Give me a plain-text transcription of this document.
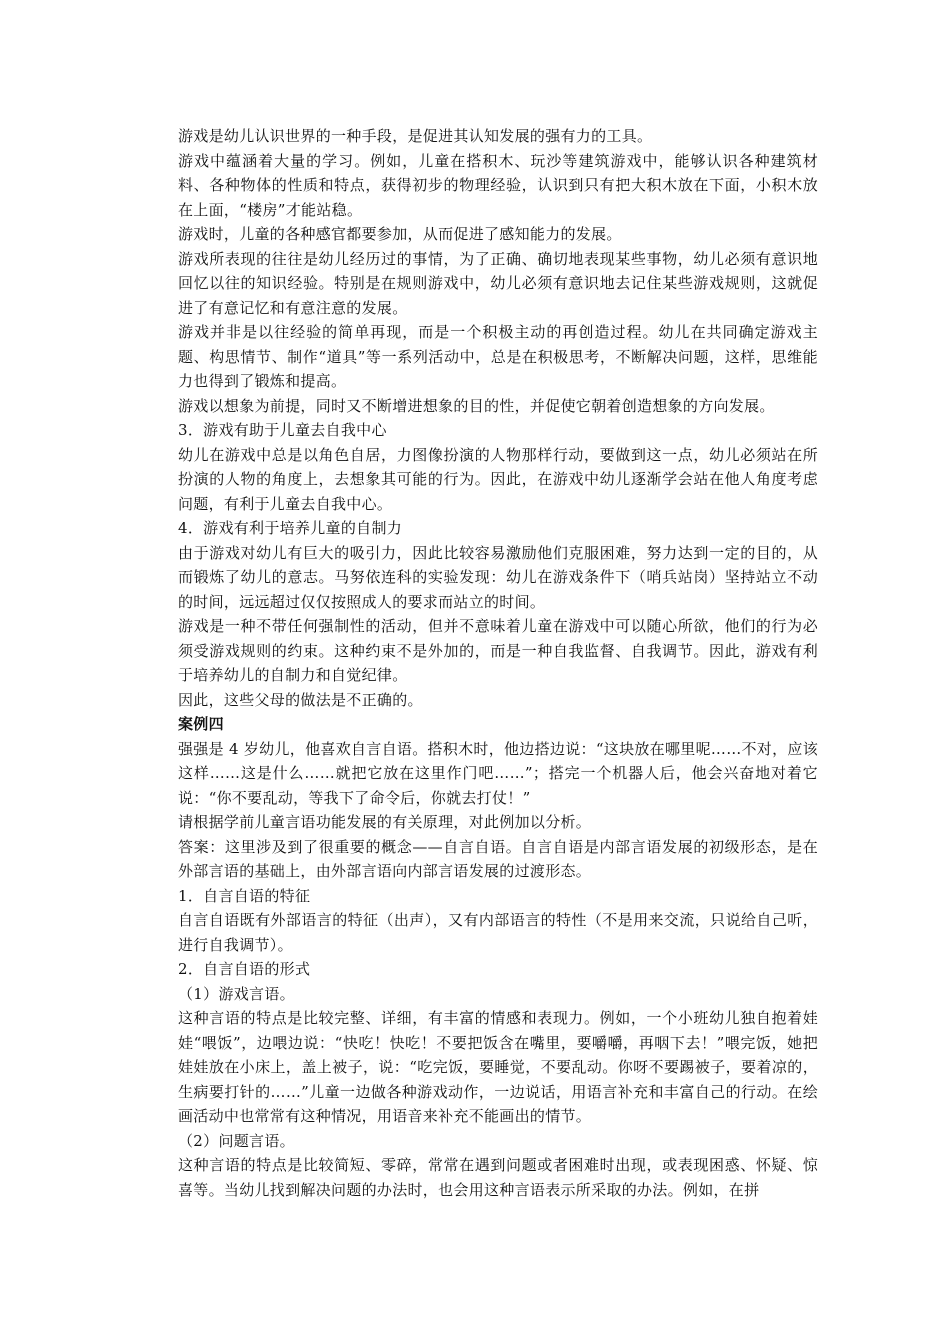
游戏是幼儿认识世界的一种手段，是促进其认知发展的强有力的工具。

游戏中蕴涵着大量的学习。例如，儿童在搭积木、玩沙等建筑游戏中，能够认识各种建筑材料、各种物体的性质和特点，获得初步的物理经验，认识到只有把大积木放在下面，小积木放在上面，“楼房”才能站稳。

游戏时，儿童的各种感官都要参加，从而促进了感知能力的发展。

游戏所表现的往往是幼儿经历过的事情，为了正确、确切地表现某些事物，幼儿必须有意识地回忆以往的知识经验。特别是在规则游戏中，幼儿必须有意识地去记住某些游戏规则，这就促进了有意记忆和有意注意的发展。

游戏并非是以往经验的简单再现，而是一个积极主动的再创造过程。幼儿在共同确定游戏主题、构思情节、制作“道具”等一系列活动中，总是在积极思考，不断解决问题，这样，思维能力也得到了锻炼和提高。

游戏以想象为前提，同时又不断增进想象的目的性，并促使它朝着创造想象的方向发展。

3．游戏有助于儿童去自我中心

幼儿在游戏中总是以角色自居，力图像扮演的人物那样行动，要做到这一点，幼儿必须站在所扮演的人物的角度上，去想象其可能的行为。因此，在游戏中幼儿逐渐学会站在他人角度考虑问题，有利于儿童去自我中心。

4．游戏有利于培养儿童的自制力

由于游戏对幼儿有巨大的吸引力，因此比较容易激励他们克服困难，努力达到一定的目的，从而锻炼了幼儿的意志。马努依连科的实验发现：幼儿在游戏条件下（哨兵站岗）坚持站立不动的时间，远远超过仅仅按照成人的要求而站立的时间。

游戏是一种不带任何强制性的活动，但并不意味着儿童在游戏中可以随心所欲，他们的行为必须受游戏规则的约束。这种约束不是外加的，而是一种自我监督、自我调节。因此，游戏有利于培养幼儿的自制力和自觉纪律。

因此，这些父母的做法是不正确的。

案例四

强强是 4 岁幼儿，他喜欢自言自语。搭积木时，他边搭边说：“这块放在哪里呢……不对，应该这样……这是什么……就把它放在这里作门吧……”；搭完一个机器人后，他会兴奋地对着它说：“你不要乱动，等我下了命令后，你就去打仗！”

请根据学前儿童言语功能发展的有关原理，对此例加以分析。

答案：这里涉及到了很重要的概念——自言自语。自言自语是内部言语发展的初级形态，是在外部言语的基础上，由外部言语向内部言语发展的过渡形态。

1．自言自语的特征

自言自语既有外部语言的特征（出声），又有内部语言的特性（不是用来交流，只说给自己听，进行自我调节）。

2．自言自语的形式

（1）游戏言语。

这种言语的特点是比较完整、详细，有丰富的情感和表现力。例如，一个小班幼儿独自抱着娃娃“喂饭”，边喂边说：“快吃！快吃！不要把饭含在嘴里，要嚼嚼，再咽下去！”喂完饭，她把娃娃放在小床上，盖上被子，说：“吃完饭，要睡觉，不要乱动。你呀不要踢被子，要着凉的，生病要打针的……”儿童一边做各种游戏动作，一边说话，用语言补充和丰富自己的行动。在绘画活动中也常常有这种情况，用语音来补充不能画出的情节。

（2）问题言语。

这种言语的特点是比较简短、零碎，常常在遇到问题或者困难时出现，或表现困惑、怀疑、惊喜等。当幼儿找到解决问题的办法时，也会用这种言语表示所采取的办法。例如，在拼
